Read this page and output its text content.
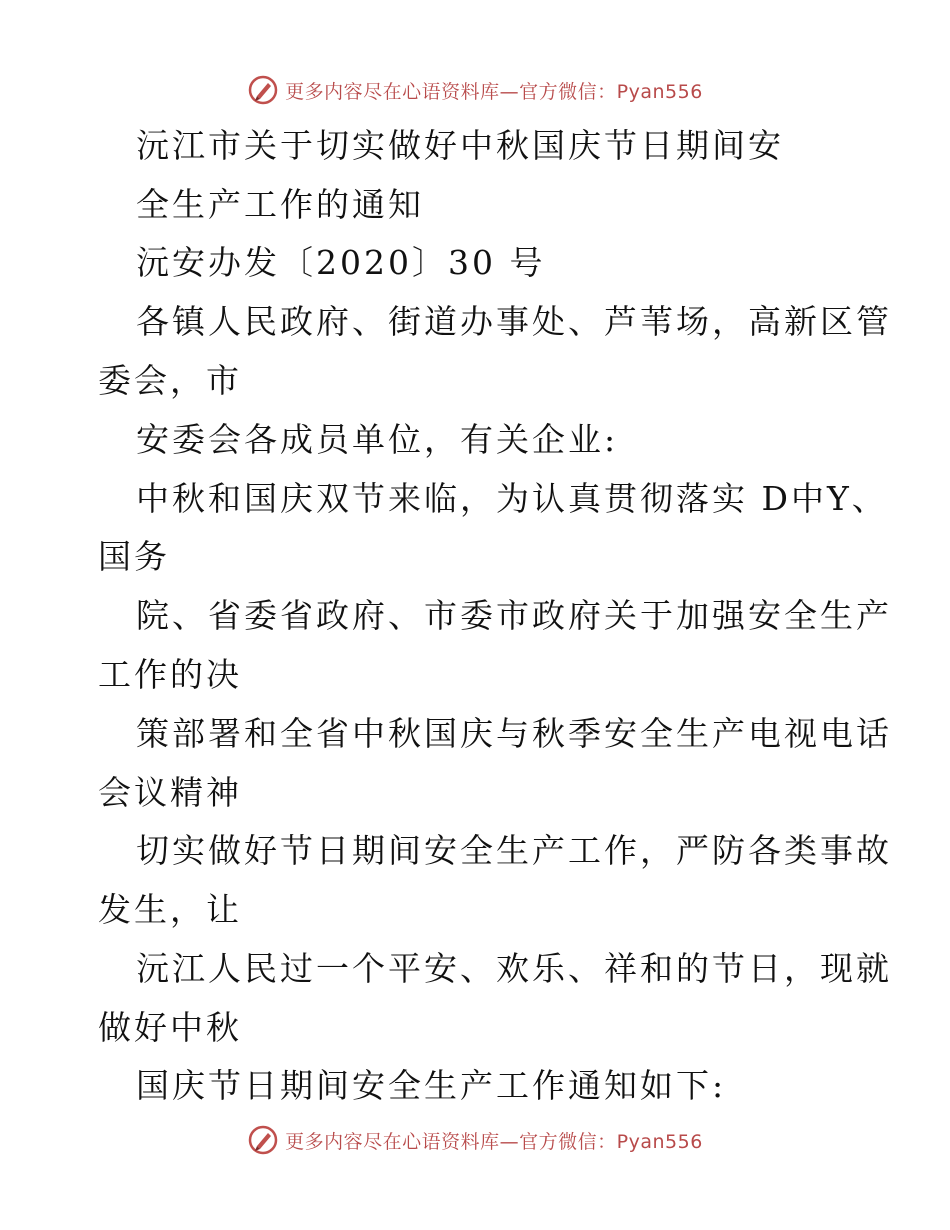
更多内容尽在心语资料库—官方微信：Pyan556
沅江市关于切实做好中秋国庆节日期间安
全生产工作的通知
沅安办发〔2020〕30 号
各镇人民政府、街道办事处、芦苇场，高新区管
委会，市
安委会各成员单位，有关企业:
中秋和国庆双节来临，为认真贯彻落实 D中Y、
国务
院、省委省政府、市委市政府关于加强安全生产
工作的决
策部署和全省中秋国庆与秋季安全生产电视电话
会议精神
切实做好节日期间安全生产工作，严防各类事故
发生，让
沅江人民过一个平安、欢乐、祥和的节日，现就
做好中秋
国庆节日期间安全生产工作通知如下:
更多内容尽在心语资料库—官方微信：Pyan556
